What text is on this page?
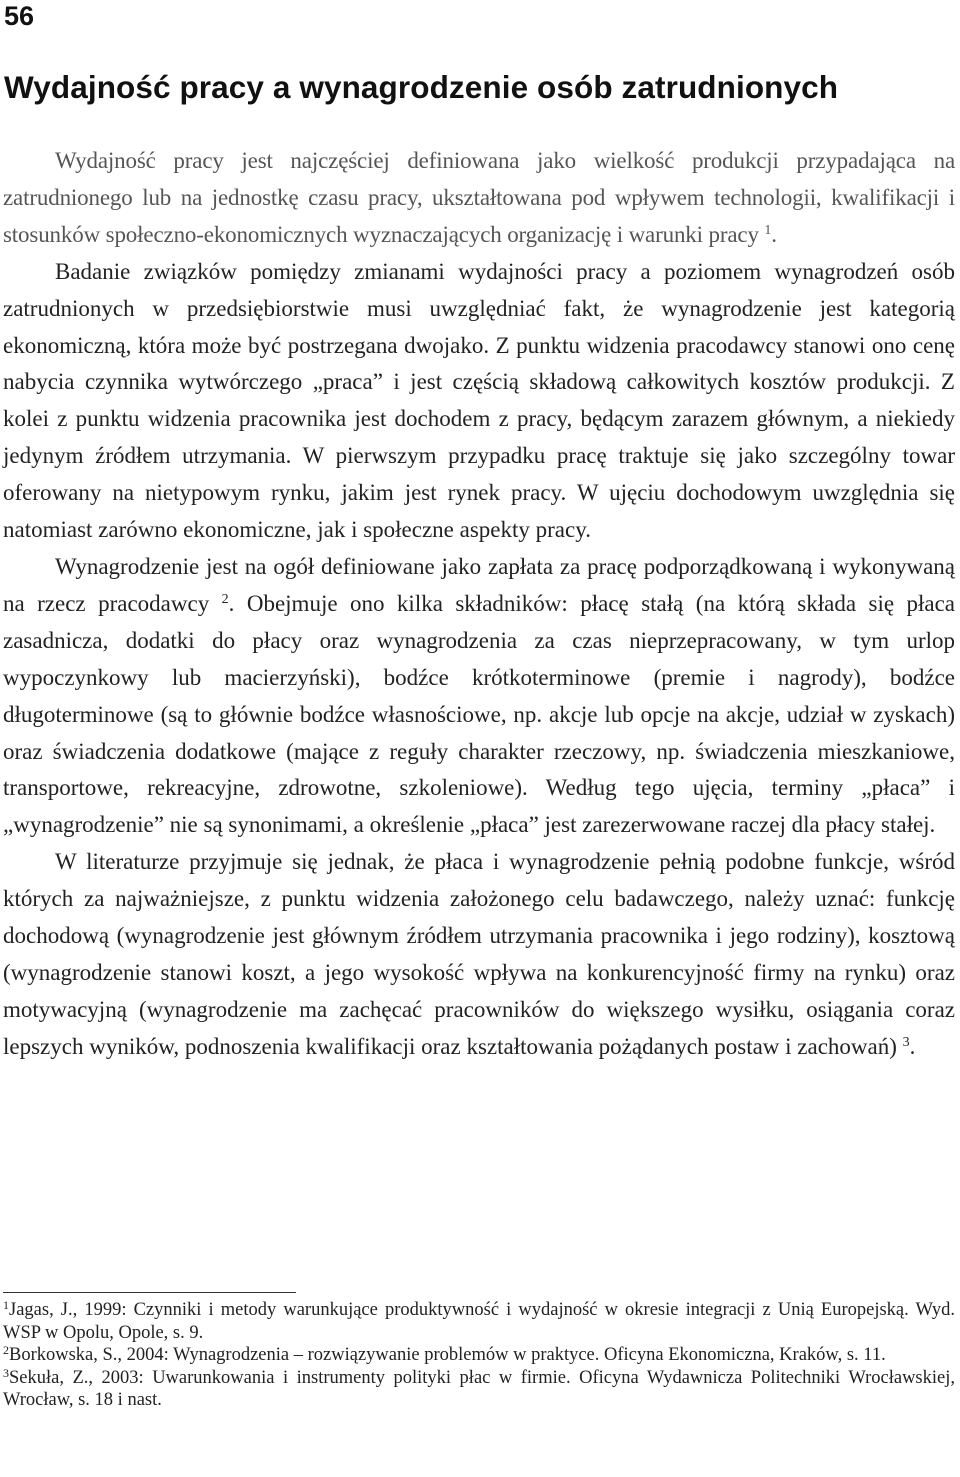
56
Wydajność pracy a wynagrodzenie osób zatrudnionych

Wydajność pracy jest najczęściej definiowana jako wielkość produkcji przypadająca na zatrudnionego lub na jednostkę czasu pracy, ukształtowana pod wpływem technologii, kwalifikacji i stosunków społeczno-ekonomicznych wyznaczających organizację i warunki pracy $^1$.

Badanie związków pomiędzy zmianami wydajności pracy a poziomem wynagrodzeń osób zatrudnionych w przedsiębiorstwie musi uwzględniać fakt, że wynagrodzenie jest kategorią ekonomiczną, która może być postrzegana dwojako. Z punktu widzenia pracodawcy stanowi ono cenę nabycia czynnika wytwórczego „praca” i jest częścią składową całkowitych kosztów produkcji. Z kolei z punktu widzenia pracownika jest dochodem z pracy, będącym zarazem głównym, a niekiedy jedynym źródłem utrzymania. W pierwszym przypadku pracę traktuje się jako szczególny towar oferowany na nietypowym rynku, jakim jest rynek pracy. W ujęciu dochodowym uwzględnia się natomiast zarówno ekonomiczne, jak i społeczne aspekty pracy.

Wynagrodzenie jest na ogół definiowane jako zapłata za pracę podporządkowaną i wykonywaną na rzecz pracodawcy $^2$. Obejmuje ono kilka składników: płacę stałą (na którą składa się płaca zasadnicza, dodatki do płacy oraz wynagrodzenia za czas nieprzepracowany, w tym urlop wypoczynkowy lub macierzyński), bodźce krótkoterminowe (premie i nagrody), bodźce długoterminowe (są to głównie bodźce własnościowe, np. akcje lub opcje na akcje, udział w zyskach) oraz świadczenia dodatkowe (mające z reguły charakter rzeczowy, np. świadczenia mieszkaniowe, transportowe, rekreacyjne, zdrowotne, szkoleniowe). Według tego ujęcia, terminy „płaca” i „wynagrodzenie” nie są synonimami, a określenie „płaca” jest zarezerwowane raczej dla płacy stałej.

W literaturze przyjmuje się jednak, że płaca i wynagrodzenie pełnią podobne funkcje, wśród których za najważniejsze, z punktu widzenia założonego celu badawczego, należy uznać: funkcję dochodową (wynagrodzenie jest głównym źródłem utrzymania pracownika i jego rodziny), kosztową (wynagrodzenie stanowi koszt, a jego wysokość wpływa na konkurencyjność firmy na rynku) oraz motywacyjną (wynagrodzenie ma zachęcać pracowników do większego wysiłku, osiągania coraz lepszych wyników, podnoszenia kwalifikacji oraz kształtowania pożądanych postaw i zachowań) $^3$.

$^1$Jagas, J., 1999: Czynniki i metody warunkujące produktywność i wydajność w okresie integracji z Unią Europejską. Wyd. WSP w Opolu, Opole, s. 9.

$^2$Borkowska, S., 2004: Wynagrodzenia – rozwiązywanie problemów w praktyce. Oficyna Ekonomiczna, Kraków, s. 11.

$^3$Sekuła, Z., 2003: Uwarunkowania i instrumenty polityki płac w firmie. Oficyna Wydawnicza Politechniki Wrocławskiej, Wrocław, s. 18 i nast.
